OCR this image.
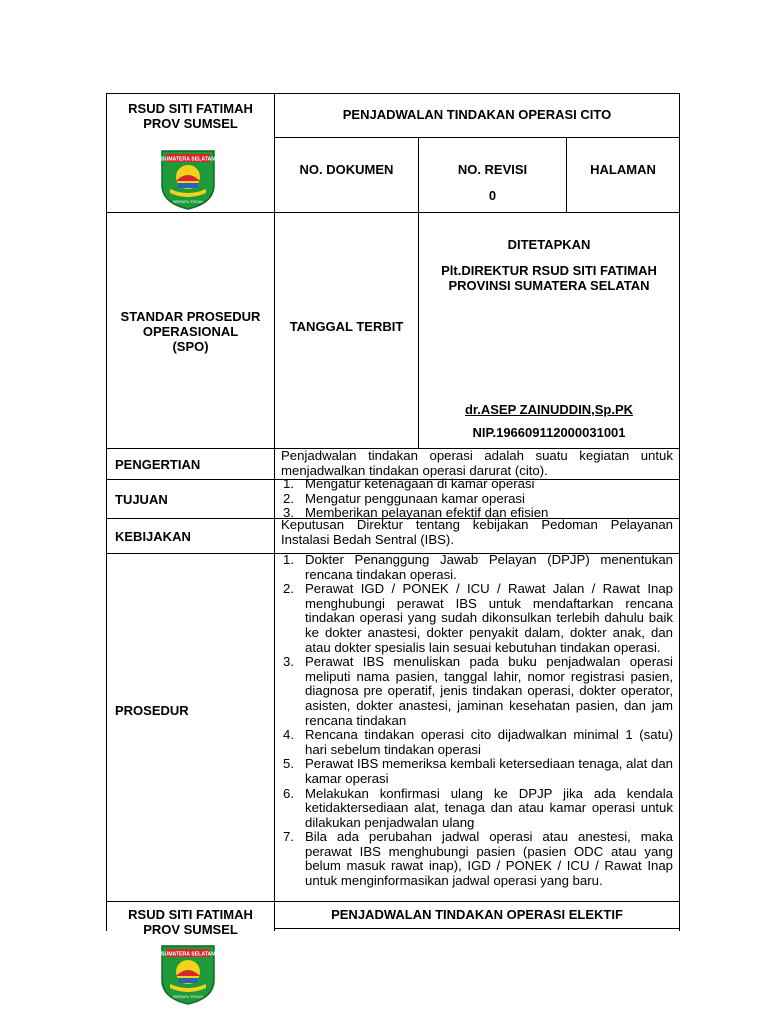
RSUD SITI FATIMAH
PROV SUMSEL
SUMATERA SELATAN
BERSATU TEGUH
PENJADWALAN TINDAKAN OPERASI CITO
NO. DOKUMEN	NO. REVISI
0
HALAMAN
STANDAR PROSEDUR
OPERASIONAL
(SPO)
TANGGAL TERBIT
DITETAPKAN
Plt.DIREKTUR RSUD SITI FATIMAH
PROVINSI SUMATERA SELATAN
dr.ASEP ZAINUDDIN,Sp.PK
NIP.196609112000031001
PENGERTIAN
Penjadwalan tindakan operasi adalah suatu kegiatan untuk menjadwalkan tindakan operasi darurat (cito).
TUJUAN
1. Mengatur ketenagaan di kamar operasi
2. Mengatur penggunaan kamar operasi
3. Memberikan pelayanan efektif dan efisien
KEBIJAKAN
Keputusan Direktur tentang kebijakan Pedoman Pelayanan Instalasi Bedah Sentral (IBS).
PROSEDUR
1. Dokter Penanggung Jawab Pelayan (DPJP) menentukan rencana tindakan operasi.
2. Perawat IGD / PONEK / ICU / Rawat Jalan / Rawat Inap menghubungi perawat IBS untuk mendaftarkan rencana tindakan operasi yang sudah dikonsulkan terlebih dahulu baik ke dokter anastesi, dokter penyakit dalam, dokter anak, dan atau dokter spesialis lain sesuai kebutuhan tindakan operasi.
3. Perawat IBS menuliskan pada buku penjadwalan operasi meliputi nama pasien, tanggal lahir, nomor registrasi pasien, diagnosa pre operatif, jenis tindakan operasi, dokter operator, asisten, dokter anastesi, jaminan kesehatan pasien, dan jam rencana tindakan
4. Rencana tindakan operasi cito dijadwalkan minimal 1 (satu) hari sebelum tindakan operasi
5. Perawat IBS memeriksa kembali ketersediaan tenaga, alat dan kamar operasi
6. Melakukan konfirmasi ulang ke DPJP jika ada kendala ketidaktersediaan alat, tenaga dan atau kamar operasi untuk dilakukan penjadwalan ulang
7. Bila ada perubahan jadwal operasi atau anestesi, maka perawat IBS menghubungi pasien (pasien ODC atau yang belum masuk rawat inap), IGD / PONEK / ICU / Rawat Inap untuk menginformasikan jadwal operasi yang baru.
RSUD SITI FATIMAH
PROV SUMSEL
PENJADWALAN TINDAKAN OPERASI ELEKTIF
SUMATERA SELATAN
BERSATU TEGUH
